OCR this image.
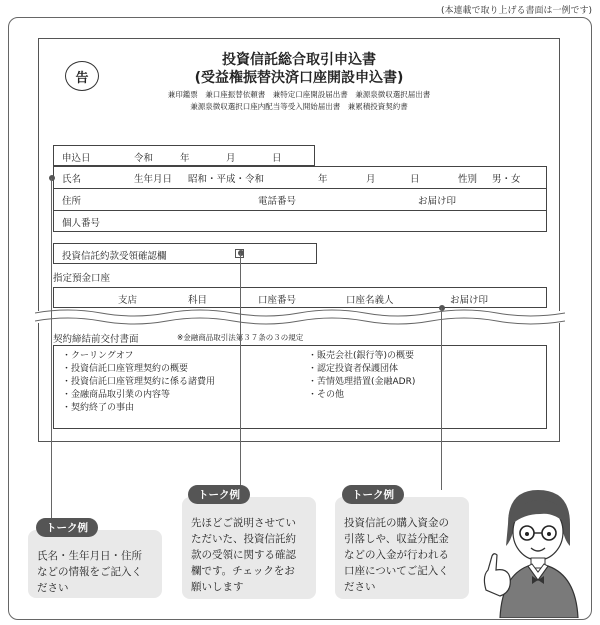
(本連載で取り上げる書面は一例です)
告
投資信託総合取引申込書
(受益権振替決済口座開設申込書)
兼印鑑票　兼口座振替依頼書　兼特定口座開設届出書　兼源泉徴収選択届出書
兼源泉徴収選択口座内配当等受入開始届出書　兼累積投資契約書
申込日	令和	年	月	日
氏名	生年月日 昭和・平成・令和	年	月	日	性別 男・女
住所	電話番号	お届け印
個人番号
投資信託約款受領確認欄
指定預金口座
支店	科目	口座番号	口座名義人	お届け印
契約締結前交付書面	※金融商品取引法第３７条の３の規定
・クーリングオフ
・投資信託口座管理契約の概要
・投資信託口座管理契約に係る諸費用
・金融商品取引業の内容等
・契約終了の事由
・販売会社(銀行等)の概要
・認定投資者保護団体
・苦情処理措置(金融ADR)
・その他
氏名・生年月日・住所
などの情報をご記入く
ださい
トーク例	先ほどご説明させてい
ただいた、投資信託約
款の受領に関する確認
欄です。チェックをお
願いします
トーク例
投資信託の購入資金の
引落しや、収益分配金
などの入金が行われる
口座についてご記入く
ださい
トーク例
